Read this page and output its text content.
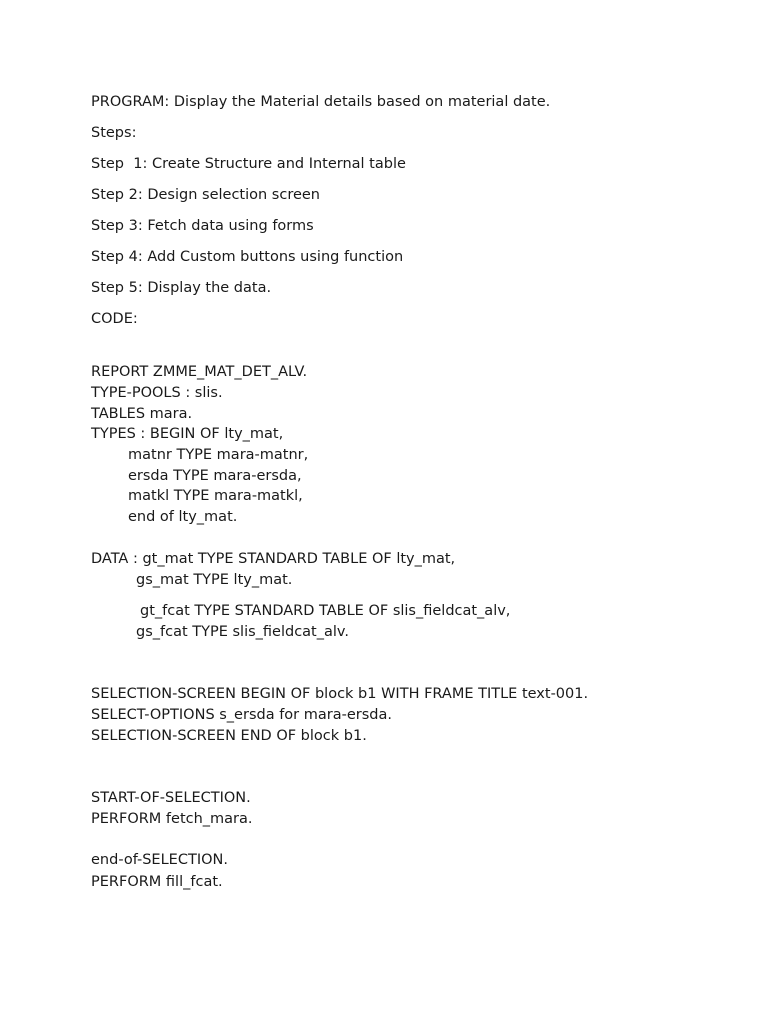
PROGRAM: Display the Material details based on material date.
Steps:
Step  1: Create Structure and Internal table
Step 2: Design selection screen
Step 3: Fetch data using forms
Step 4: Add Custom buttons using function
Step 5: Display the data.
CODE:
REPORT ZMME_MAT_DET_ALV.
TYPE-POOLS : slis.
TABLES mara.
TYPES : BEGIN OF lty_mat,
matnr TYPE mara-matnr,
ersda TYPE mara-ersda,
matkl TYPE mara-matkl,
end of lty_mat.
DATA : gt_mat TYPE STANDARD TABLE OF lty_mat,
gs_mat TYPE lty_mat.
gt_fcat TYPE STANDARD TABLE OF slis_fieldcat_alv,
gs_fcat TYPE slis_fieldcat_alv.
SELECTION-SCREEN BEGIN OF block b1 WITH FRAME TITLE text-001.
SELECT-OPTIONS s_ersda for mara-ersda.
SELECTION-SCREEN END OF block b1.
START-OF-SELECTION.
PERFORM fetch_mara.
end-of-SELECTION.
PERFORM fill_fcat.
